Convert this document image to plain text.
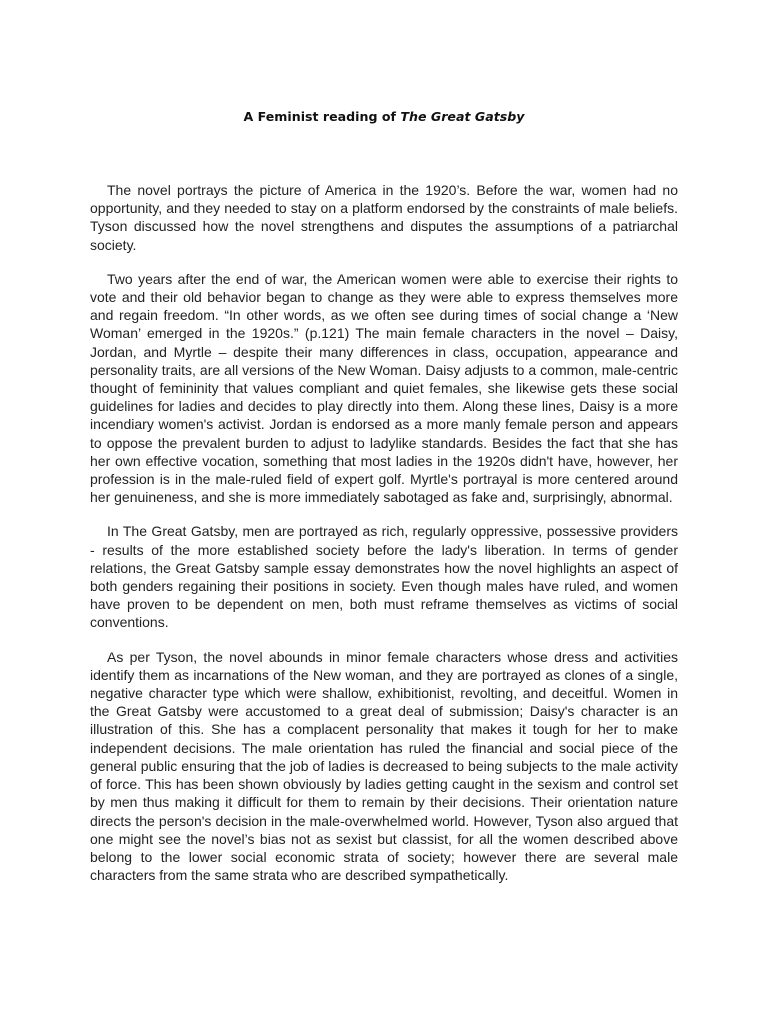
A Feminist reading of The Great Gatsby

The novel portrays the picture of America in the 1920’s. Before the war, women had no opportunity, and they needed to stay on a platform endorsed by the constraints of male beliefs. Tyson discussed how the novel strengthens and disputes the assumptions of a patriarchal society.

Two years after the end of war, the American women were able to exercise their rights to vote and their old behavior began to change as they were able to express themselves more and regain freedom. “In other words, as we often see during times of social change a ‘New Woman’ emerged in the 1920s.” (p.121) The main female characters in the novel – Daisy, Jordan, and Myrtle – despite their many differences in class, occupation, appearance and personality traits, are all versions of the New Woman. Daisy adjusts to a common, male-centric thought of femininity that values compliant and quiet females, she likewise gets these social guidelines for ladies and decides to play directly into them. Along these lines, Daisy is a more incendiary women's activist. Jordan is endorsed as a more manly female person and appears to oppose the prevalent burden to adjust to ladylike standards. Besides the fact that she has her own effective vocation, something that most ladies in the 1920s didn't have, however, her profession is in the male-ruled field of expert golf. Myrtle's portrayal is more centered around her genuineness, and she is more immediately sabotaged as fake and, surprisingly, abnormal.

In The Great Gatsby, men are portrayed as rich, regularly oppressive, possessive providers - results of the more established society before the lady's liberation. In terms of gender relations, the Great Gatsby sample essay demonstrates how the novel highlights an aspect of both genders regaining their positions in society. Even though males have ruled, and women have proven to be dependent on men, both must reframe themselves as victims of social conventions.

As per Tyson, the novel abounds in minor female characters whose dress and activities identify them as incarnations of the New woman, and they are portrayed as clones of a single, negative character type which were shallow, exhibitionist, revolting, and deceitful. Women in the Great Gatsby were accustomed to a great deal of submission; Daisy's character is an illustration of this. She has a complacent personality that makes it tough for her to make independent decisions. The male orientation has ruled the financial and social piece of the general public ensuring that the job of ladies is decreased to being subjects to the male activity of force. This has been shown obviously by ladies getting caught in the sexism and control set by men thus making it difficult for them to remain by their decisions. Their orientation nature directs the person's decision in the male-overwhelmed world. However, Tyson also argued that one might see the novel’s bias not as sexist but classist, for all the women described above belong to the lower social economic strata of society; however there are several male characters from the same strata who are described sympathetically.
